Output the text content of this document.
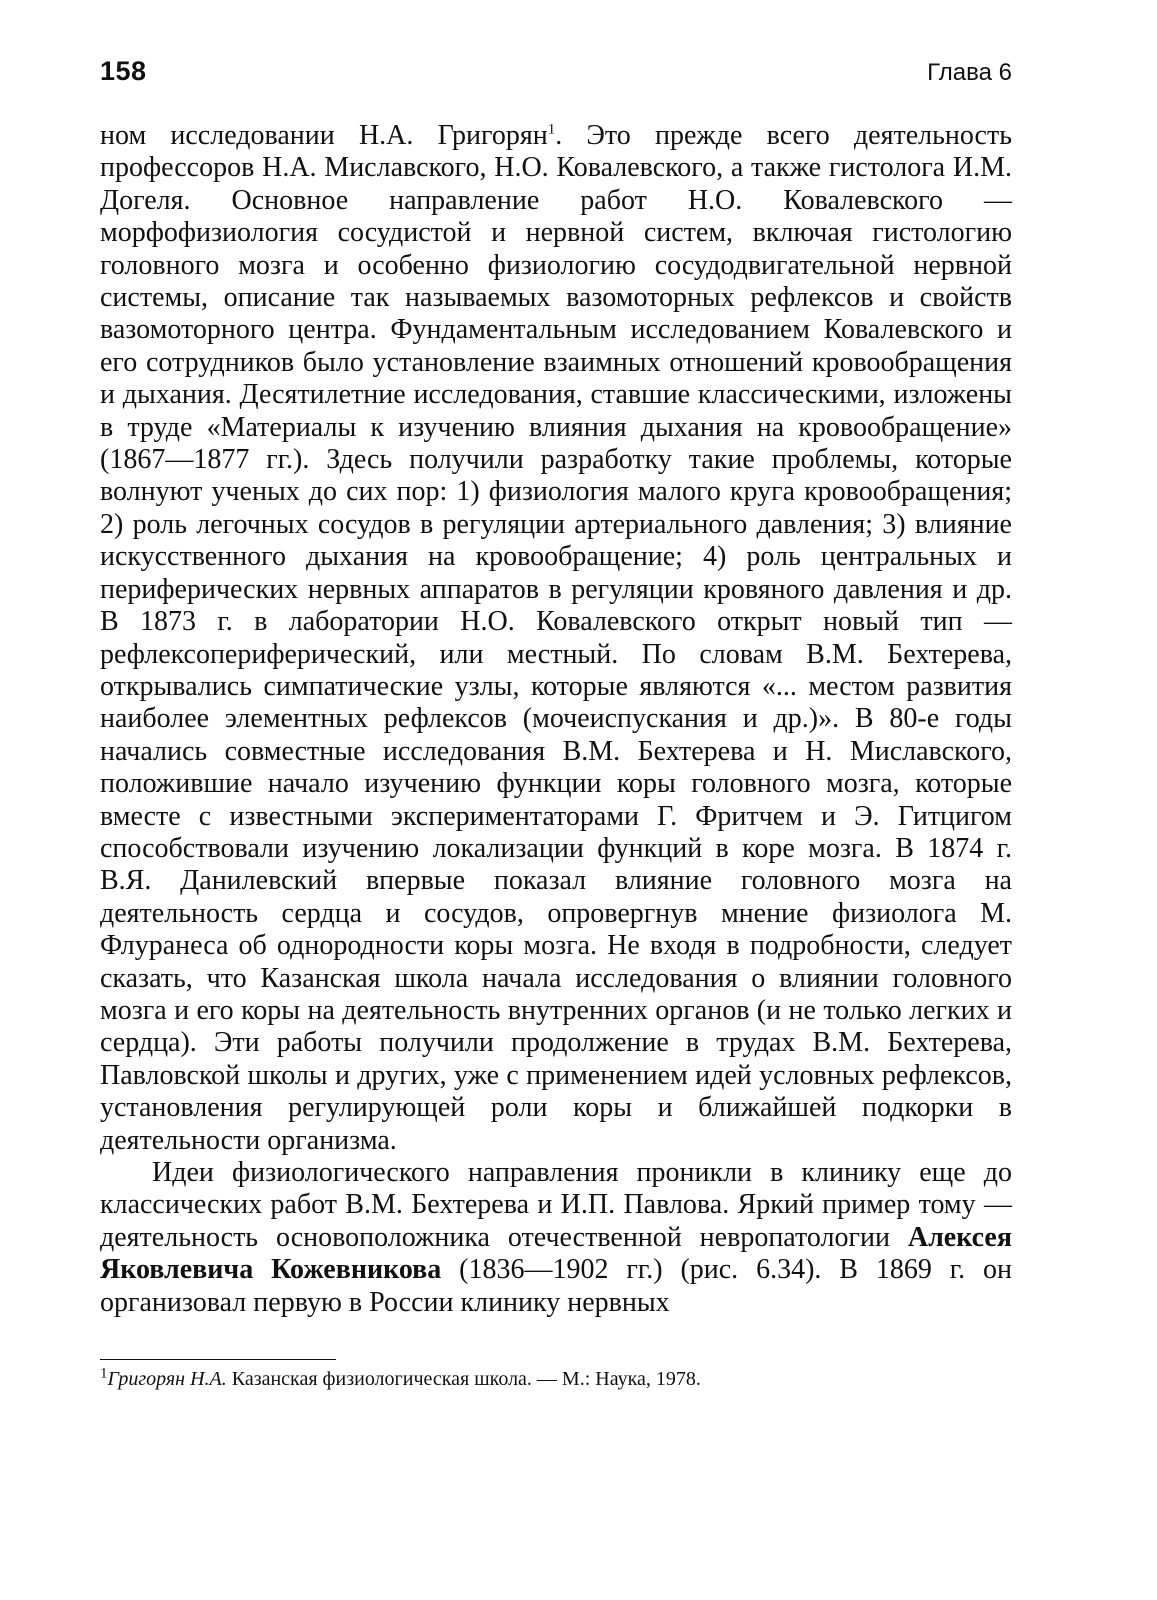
158	Глава 6

ном исследовании Н.А. Григорян$^1$. Это прежде всего деятельность профессоров Н.А. Миславского, Н.О. Ковалевского, а также гистолога И.М. Догеля. Основное направление работ Н.О. Ковалевского — морфофизиология сосудистой и нервной систем, включая гистологию головного мозга и особенно физиологию сосудодвигательной нервной системы, описание так называемых вазомоторных рефлексов и свойств вазомоторного центра. Фундаментальным исследованием Ковалевского и его сотрудников было установление взаимных отношений кровообращения и дыхания. Десятилетние исследования, ставшие классическими, изложены в труде «Материалы к изучению влияния дыхания на кровообращение» (1867—1877 гг.). Здесь получили разработку такие проблемы, которые волнуют ученых до сих пор: 1) физиология малого круга кровообращения; 2) роль легочных сосудов в регуляции артериального давления; 3) влияние искусственного дыхания на кровообращение; 4) роль центральных и периферических нервных аппаратов в регуляции кровяного давления и др. В 1873 г. в лаборатории Н.О. Ковалевского открыт новый тип — рефлексопериферический, или местный. По словам В.М. Бехтерева, открывались симпатические узлы, которые являются «... местом развития наиболее элементных рефлексов (мочеиспускания и др.)». В 80-е годы начались совместные исследования В.М. Бехтерева и Н. Миславского, положившие начало изучению функции коры головного мозга, которые вместе с известными экспериментаторами Г. Фритчем и Э. Гитцигом способствовали изучению локализации функций в коре мозга. В 1874 г. В.Я. Данилевский впервые показал влияние головного мозга на деятельность сердца и сосудов, опровергнув мнение физиолога М. Флуранеса об однородности коры мозга. Не входя в подробности, следует сказать, что Казанская школа начала исследования о влиянии головного мозга и его коры на деятельность внутренних органов (и не только легких и сердца). Эти работы получили продолжение в трудах В.М. Бехтерева, Павловской школы и других, уже с применением идей условных рефлексов, установления регулирующей роли коры и ближайшей подкорки в деятельности организма.

Идеи физиологического направления проникли в клинику еще до классических работ В.М. Бехтерева и И.П. Павлова. Яркий пример тому — деятельность основоположника отечественной невропатологии Алексея Яковлевича Кожевникова (1836—1902 гг.) (рис. 6.34). В 1869 г. он организовал первую в России клинику нервных

$^1$Григорян Н.А. Казанская физиологическая школа. — М.: Наука, 1978.
